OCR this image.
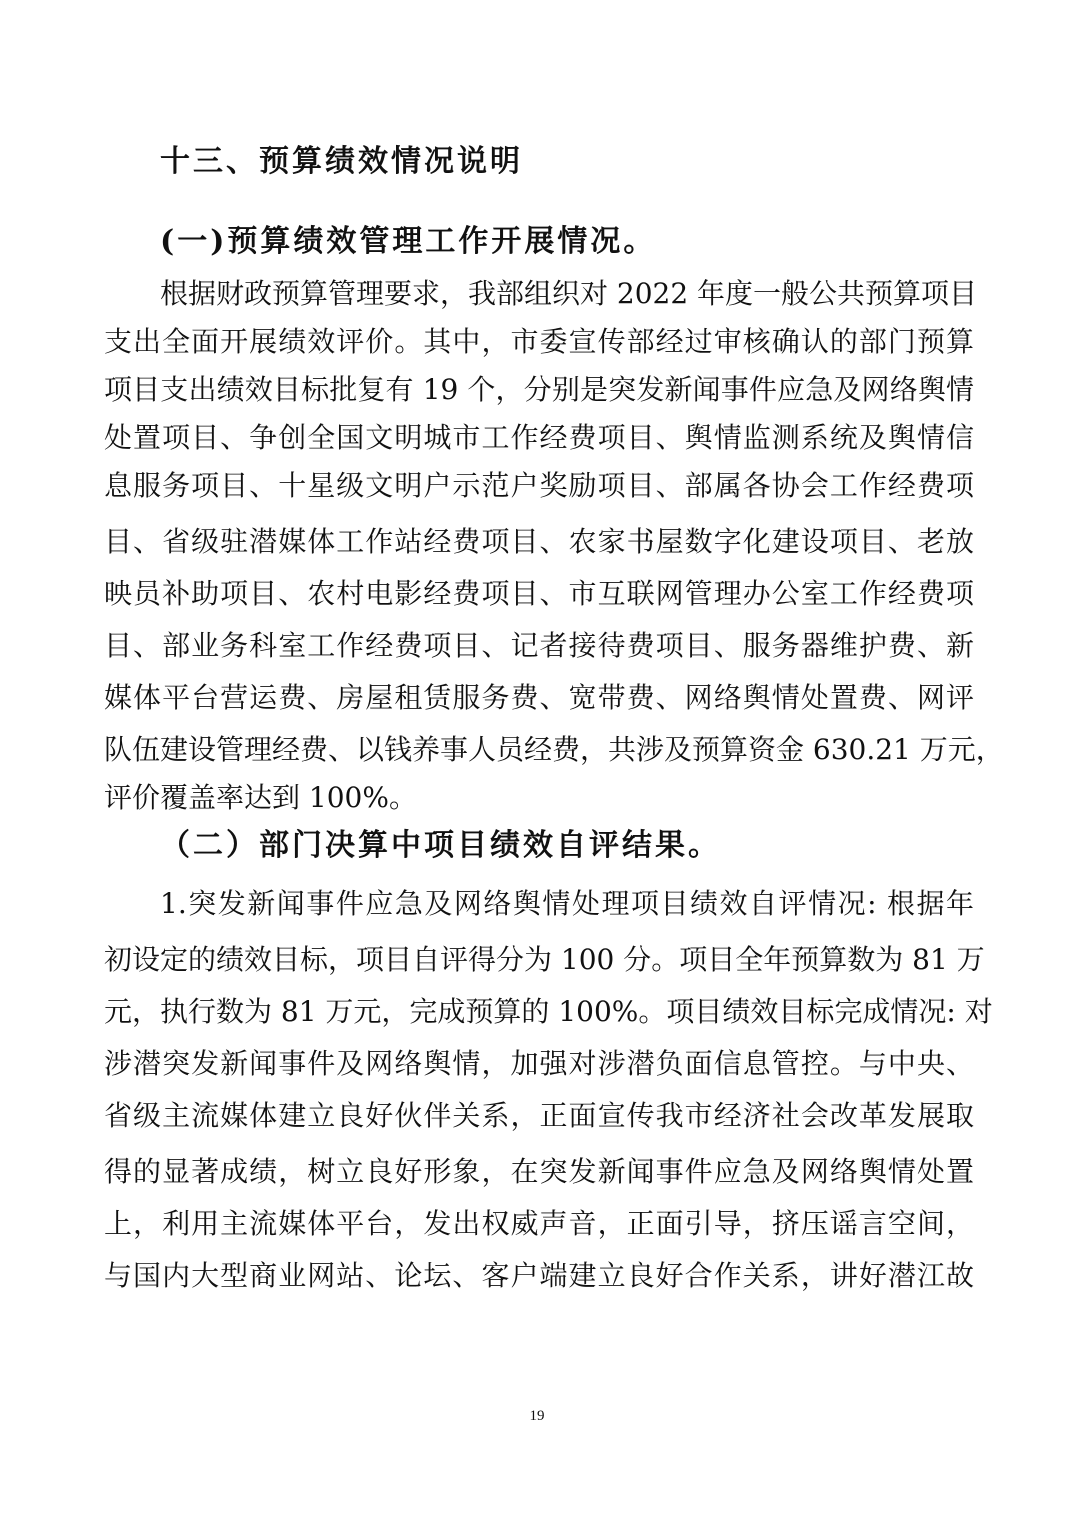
十三、预算绩效情况说明
(一)预算绩效管理工作开展情况。
根据财政预算管理要求，我部组织对 2022 年度一般公共预算项目
支出全面开展绩效评价。其中，市委宣传部经过审核确认的部门预算
项目支出绩效目标批复有 19 个，分别是突发新闻事件应急及网络舆情
处置项目、争创全国文明城市工作经费项目、舆情监测系统及舆情信
息服务项目、十星级文明户示范户奖励项目、部属各协会工作经费项
目、省级驻潜媒体工作站经费项目、农家书屋数字化建设项目、老放
映员补助项目、农村电影经费项目、市互联网管理办公室工作经费项
目、部业务科室工作经费项目、记者接待费项目、服务器维护费、新
媒体平台营运费、房屋租赁服务费、宽带费、网络舆情处置费、网评
队伍建设管理经费、以钱养事人员经费，共涉及预算资金 630.21 万元，
评价覆盖率达到 100%。
（二）部门决算中项目绩效自评结果。
1.突发新闻事件应急及网络舆情处理项目绩效自评情况: 根据年
初设定的绩效目标，项目自评得分为 100 分。项目全年预算数为 81 万
元，执行数为 81 万元，完成预算的 100%。项目绩效目标完成情况: 对
涉潜突发新闻事件及网络舆情，加强对涉潜负面信息管控。与中央、
省级主流媒体建立良好伙伴关系，正面宣传我市经济社会改革发展取
得的显著成绩，树立良好形象，在突发新闻事件应急及网络舆情处置
上，利用主流媒体平台，发出权威声音，正面引导，挤压谣言空间，
与国内大型商业网站、论坛、客户端建立良好合作关系，讲好潜江故
19
